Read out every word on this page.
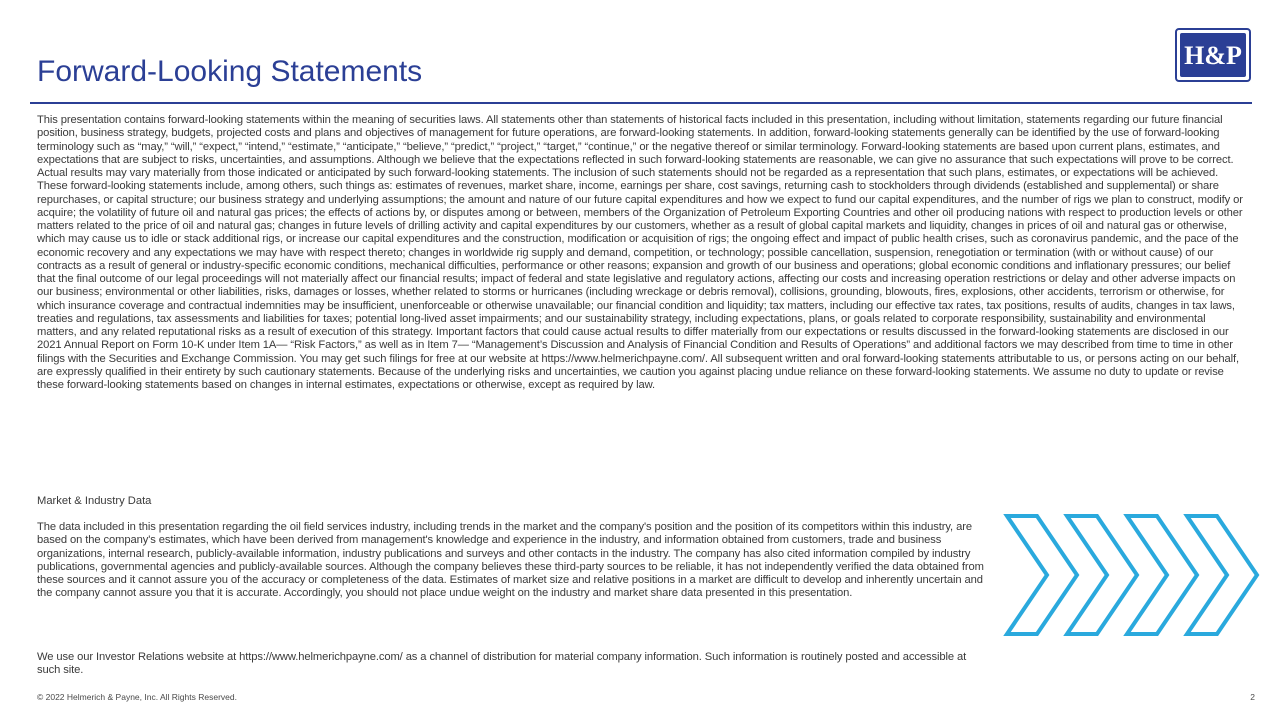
Forward-Looking Statements	H&P

This presentation contains forward-looking statements within the meaning of securities laws. All statements other than statements of historical facts included in this presentation, including without limitation, statements regarding our future financial position, business strategy, budgets, projected costs and plans and objectives of management for future operations, are forward-looking statements. In addition, forward-looking statements generally can be identified by the use of forward-looking terminology such as “may,” “will,” “expect,” “intend,” “estimate,” “anticipate,” “believe,” “predict,” “project,” “target,” “continue,” or the negative thereof or similar terminology. Forward-looking statements are based upon current plans, estimates, and expectations that are subject to risks, uncertainties, and assumptions. Although we believe that the expectations reflected in such forward-looking statements are reasonable, we can give no assurance that such expectations will prove to be correct. Actual results may vary materially from those indicated or anticipated by such forward-looking statements. The inclusion of such statements should not be regarded as a representation that such plans, estimates, or expectations will be achieved. These forward-looking statements include, among others, such things as: estimates of revenues, market share, income, earnings per share, cost savings, returning cash to stockholders through dividends (established and supplemental) or share repurchases, or capital structure; our business strategy and underlying assumptions; the amount and nature of our future capital expenditures and how we expect to fund our capital expenditures, and the number of rigs we plan to construct, modify or acquire; the volatility of future oil and natural gas prices; the effects of actions by, or disputes among or between, members of the Organization of Petroleum Exporting Countries and other oil producing nations with respect to production levels or other matters related to the price of oil and natural gas; changes in future levels of drilling activity and capital expenditures by our customers, whether as a result of global capital markets and liquidity, changes in prices of oil and natural gas or otherwise, which may cause us to idle or stack additional rigs, or increase our capital expenditures and the construction, modification or acquisition of rigs; the ongoing effect and impact of public health crises, such as coronavirus pandemic, and the pace of the economic recovery and any expectations we may have with respect thereto; changes in worldwide rig supply and demand, competition, or technology; possible cancellation, suspension, renegotiation or termination (with or without cause) of our contracts as a result of general or industry-specific economic conditions, mechanical difficulties, performance or other reasons; expansion and growth of our business and operations; global economic conditions and inflationary pressures; our belief that the final outcome of our legal proceedings will not materially affect our financial results; impact of federal and state legislative and regulatory actions, affecting our costs and increasing operation restrictions or delay and other adverse impacts on our business; environmental or other liabilities, risks, damages or losses, whether related to storms or hurricanes (including wreckage or debris removal), collisions, grounding, blowouts, fires, explosions, other accidents, terrorism or otherwise, for which insurance coverage and contractual indemnities may be insufficient, unenforceable or otherwise unavailable; our financial condition and liquidity; tax matters, including our effective tax rates, tax positions, results of audits, changes in tax laws, treaties and regulations, tax assessments and liabilities for taxes; potential long-lived asset impairments; and our sustainability strategy, including expectations, plans, or goals related to corporate responsibility, sustainability and environmental matters, and any related reputational risks as a result of execution of this strategy. Important factors that could cause actual results to differ materially from our expectations or results discussed in the forward-looking statements are disclosed in our 2021 Annual Report on Form 10-K under Item 1A— “Risk Factors,” as well as in Item 7— “Management’s Discussion and Analysis of Financial Condition and Results of Operations” and additional factors we may described from time to time in other filings with the Securities and Exchange Commission. You may get such filings for free at our website at https://www.helmerichpayne.com/. All subsequent written and oral forward-looking statements attributable to us, or persons acting on our behalf, are expressly qualified in their entirety by such cautionary statements. Because of the underlying risks and uncertainties, we caution you against placing undue reliance on these forward-looking statements. We assume no duty to update or revise these forward-looking statements based on changes in internal estimates, expectations or otherwise, except as required by law.

Market & Industry Data

The data included in this presentation regarding the oil field services industry, including trends in the market and the company's position and the position of its competitors within this industry, are based on the company's estimates, which have been derived from management's knowledge and experience in the industry, and information obtained from customers, trade and business organizations, internal research, publicly-available information, industry publications and surveys and other contacts in the industry. The company has also cited information compiled by industry publications, governmental agencies and publicly-available sources. Although the company believes these third-party sources to be reliable, it has not independently verified the data obtained from these sources and it cannot assure you of the accuracy or completeness of the data. Estimates of market size and relative positions in a market are difficult to develop and inherently uncertain and the company cannot assure you that it is accurate. Accordingly, you should not place undue weight on the industry and market share data presented in this presentation.

We use our Investor Relations website at https://www.helmerichpayne.com/ as a channel of distribution for material company information. Such information is routinely posted and accessible at such site.

© 2022 Helmerich & Payne, Inc. All Rights Reserved.	2
